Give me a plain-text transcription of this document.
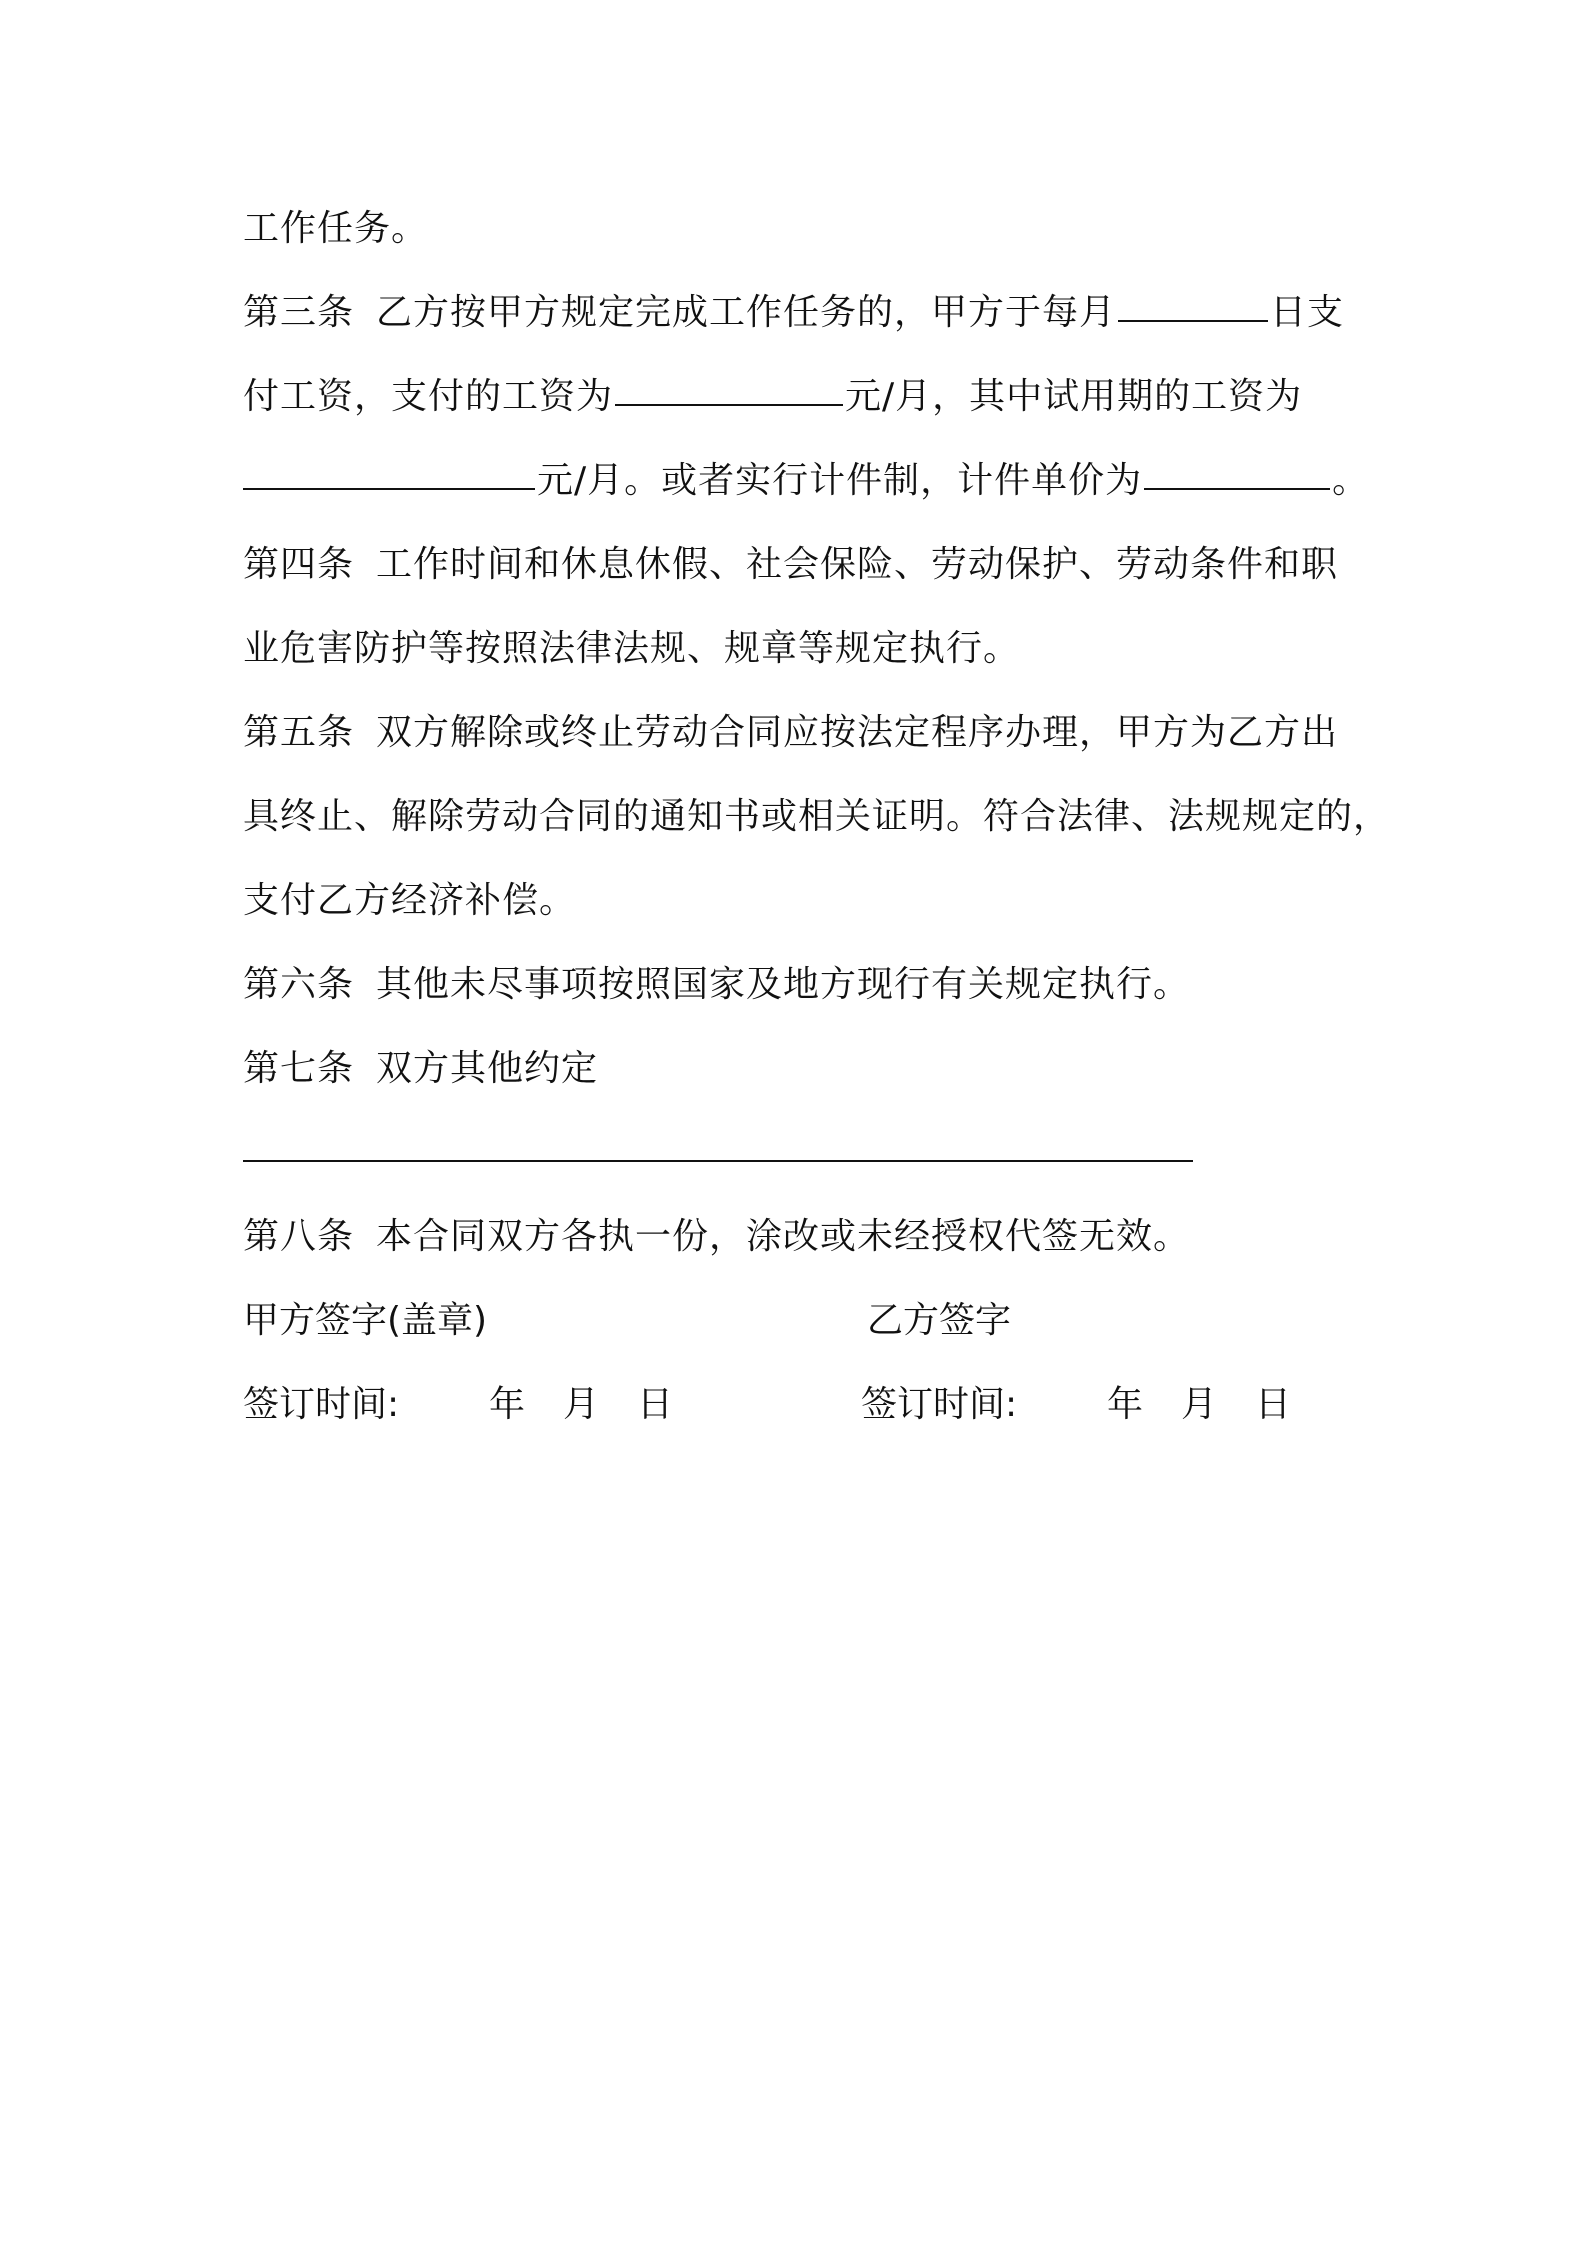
工作任务。
第三条 乙方按甲方规定完成工作任务的，甲方于每月	日支
付工资，支付的工资为	元/月，其中试用期的工资为
元/月。或者实行计件制，计件单价为	。
第四条 工作时间和休息休假、社会保险、劳动保护、劳动条件和职
业危害防护等按照法律法规、规章等规定执行。
第五条 双方解除或终止劳动合同应按法定程序办理，甲方为乙方出
具终止、解除劳动合同的通知书或相关证明。符合法律、法规规定的，
支付乙方经济补偿。
第六条 其他未尽事项按照国家及地方现行有关规定执行。
第七条 双方其他约定
第八条 本合同双方各执一份，涂改或未经授权代签无效。
甲方签字(盖章)	乙方签字
签订时间: 年 月 日	签订时间: 年 月 日
